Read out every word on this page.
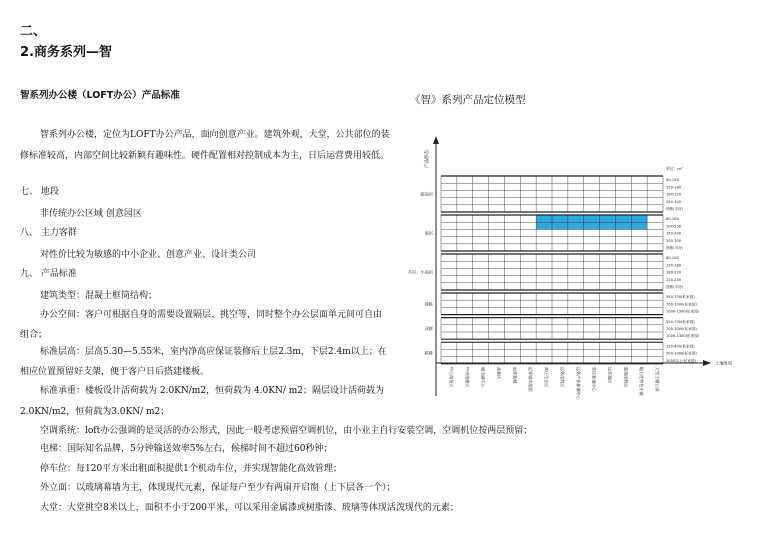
二、
2.商务系列—智
智系列办公楼（LOFT办公）产品标准
智系列办公楼，定位为LOFT办公产品，面向创意产业。建筑外观，大堂，公共部位的装
修标准较高，内部空间比较新颖有趣味性。硬件配置相对控制成本为主，日后运营费用较低。
七、 地段
非传统办公区域 创意园区
八、 主力客群
对性价比较为敏感的中小企业、创意产业、设计类公司
九、 产品标准
建筑类型：混凝土框筒结构；
办公空间：客户可根据自身的需要设置隔层、挑空等，同时整个办公层面单元间可自由
组合；
标准层高：层高5.30—5.55米，室内净高应保证装修后上层2.3m，下层2.4m以上；在
相应位置预留好支架，便于客户日后搭建楼板。
标准承重：楼板设计活荷载为 2.0KN/m2，恒荷载为 4.0KN/ m2；隔层设计活荷载为
2.0KN/m2，恒荷载为3.0KN/ m2；
空调系统：loft办公强调的是灵活的办公形式，因此一般考虑预留空调机位，由小业主自行安装空调，空调机位按两层预留；
电梯：国际知名品牌，5分钟输送效率5%左右，候梯时间不超过60秒钟；
停车位：每120平方米出租面积提供1个机动车位，并实现智能化高效管理；
外立面：以玻璃幕墙为主，体现现代元素，保证每户至少有两扇开启窗（上下层各一个）；
大堂：大堂挑空8米以上，面积不小于200平米，可以采用金属漆或树脂漆、玻璃等体现活泼现代的元素；
《智》系列产品定位模型
产品形态
单位：m²
90-150
150-180
180-220
250-300
独栋(平房)
超高层
80-100
100-150
150-200
200-300
独栋(平房)
高层
80-100
150-180
180-220
220-250
独栋(平房)
多层、小高层
550-700(私家园)
700-1000(私家园)
1000-1300(私家园)
独栋
550-700(私家园)
700-1000(私家园)
1000-1300(私家园)
双拼
150-400(私家园)
700-1000(私家园)
2000以上(私家园)
联排
土地级别
中心商务区	中央游憩区	城市副中心	高新区	近郊新城	近郊城市组团	郊区生态区	远郊度假区	远郊产业新城中心	郊区新镇中心	远郊镇区	旅游度假区	地方性特色小镇	大型主题公园
